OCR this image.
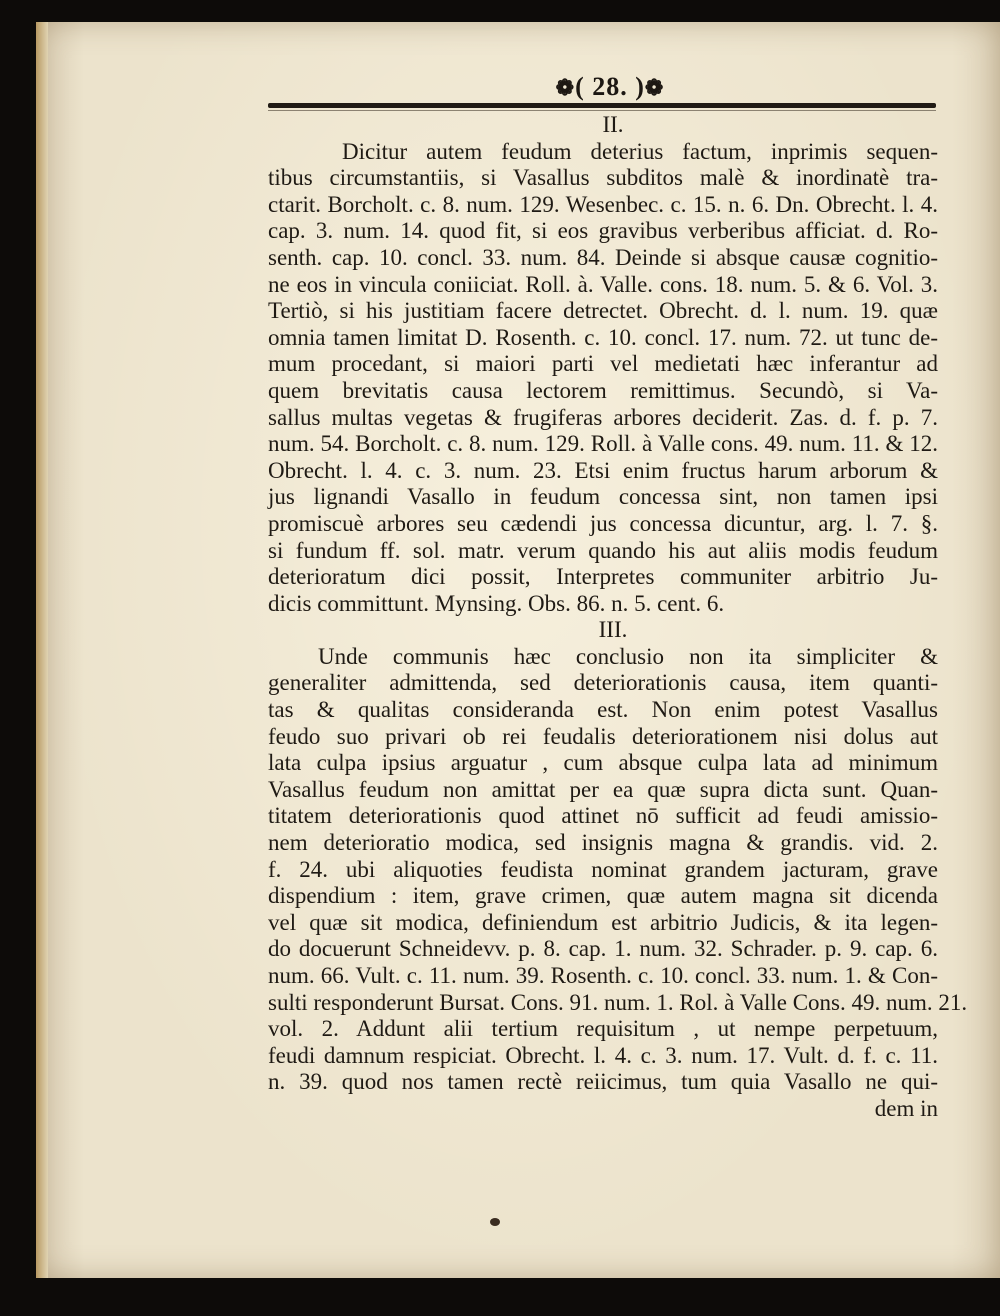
❁( 28. )❁
II.
Dicitur autem feudum deterius factum, inprimis sequen-
tibus circumstantiis, si Vasallus subditos malè & inordinatè tra-
ctarit. Borcholt. c. 8. num. 129. Wesenbec. c. 15. n. 6. Dn. Obrecht. l. 4.
cap. 3. num. 14. quod fit, si eos gravibus verberibus afficiat. d. Ro-
senth. cap. 10. concl. 33. num. 84. Deinde si absque causæ cognitio-
ne eos in vincula coniiciat. Roll. à. Valle. cons. 18. num. 5. & 6. Vol. 3.
Tertiò, si his justitiam facere detrectet. Obrecht. d. l. num. 19. quæ
omnia tamen limitat D. Rosenth. c. 10. concl. 17. num. 72. ut tunc de-
mum procedant, si maiori parti vel medietati hæc inferantur ad
quem brevitatis causa lectorem remittimus. Secundò, si Va-
sallus multas vegetas & frugiferas arbores deciderit. Zas. d. f. p. 7.
num. 54. Borcholt. c. 8. num. 129. Roll. à Valle cons. 49. num. 11. & 12.
Obrecht. l. 4. c. 3. num. 23. Etsi enim fructus harum arborum &
jus lignandi Vasallo in feudum concessa sint, non tamen ipsi
promiscuè arbores seu cædendi jus concessa dicuntur, arg. l. 7. §.
si fundum ff. sol. matr. verum quando his aut aliis modis feudum
deterioratum dici possit, Interpretes communiter arbitrio Ju-
dicis committunt. Mynsing. Obs. 86. n. 5. cent. 6.
III.
Unde communis hæc conclusio non ita simpliciter &
generaliter admittenda, sed deteriorationis causa, item quanti-
tas & qualitas consideranda est. Non enim potest Vasallus
feudo suo privari ob rei feudalis deteriorationem nisi dolus aut
lata culpa ipsius arguatur , cum absque culpa lata ad minimum
Vasallus feudum non amittat per ea quæ supra dicta sunt. Quan-
titatem deteriorationis quod attinet nō sufficit ad feudi amissio-
nem deterioratio modica, sed insignis magna & grandis. vid. 2.
f. 24. ubi aliquoties feudista nominat grandem jacturam, grave
dispendium : item, grave crimen, quæ autem magna sit dicenda
vel quæ sit modica, definiendum est arbitrio Judicis, & ita legen-
do docuerunt Schneidevv. p. 8. cap. 1. num. 32. Schrader. p. 9. cap. 6.
num. 66. Vult. c. 11. num. 39. Rosenth. c. 10. concl. 33. num. 1. & Con-
sulti responderunt Bursat. Cons. 91. num. 1. Rol. à Valle Cons. 49. num. 21.
vol. 2. Addunt alii tertium requisitum , ut nempe perpetuum,
feudi damnum respiciat. Obrecht. l. 4. c. 3. num. 17. Vult. d. f. c. 11.
n. 39. quod nos tamen rectè reiicimus, tum quia Vasallo ne qui-
dem in
